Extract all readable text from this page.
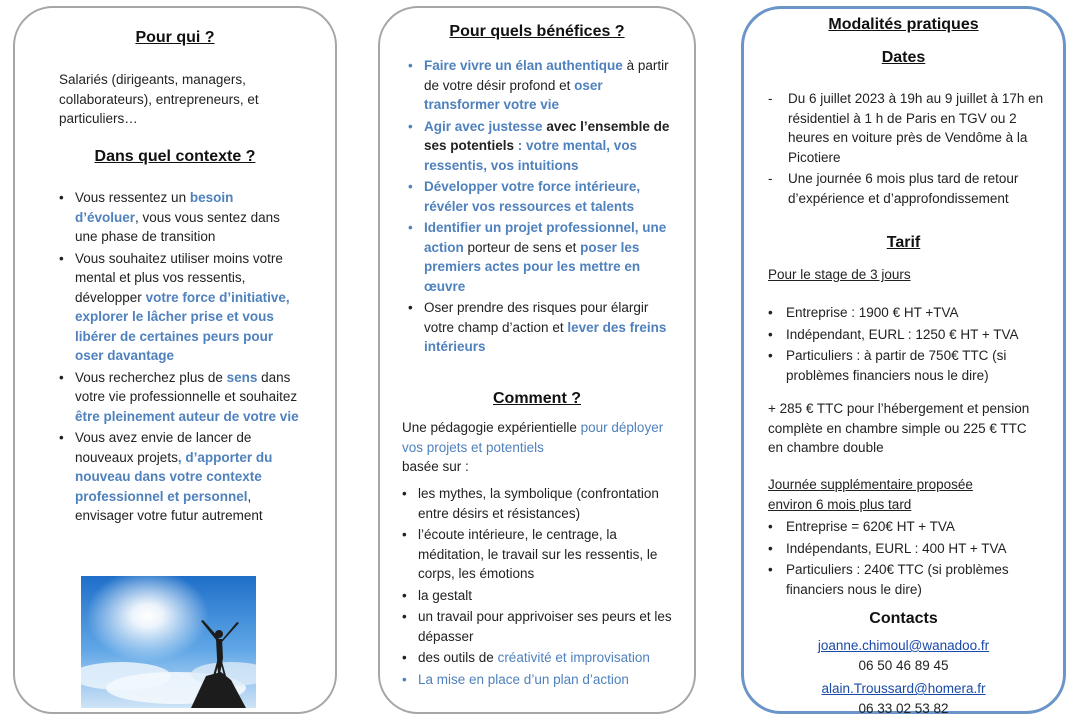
Pour qui ?
Salariés (dirigeants, managers, collaborateurs), entrepreneurs, et particuliers…
Dans quel contexte ?
• Vous ressentez un besoin d’évoluer, vous vous sentez dans une phase de transition
• Vous souhaitez utiliser moins votre mental et plus vos ressentis, développer votre force d’initiative, explorer le lâcher prise et vous libérer de certaines peurs pour oser davantage
• Vous recherchez plus de sens dans votre vie professionnelle et souhaitez être pleinement auteur de votre vie
• Vous avez envie de lancer de nouveaux projets, d’apporter du nouveau dans votre contexte professionnel et personnel, envisager votre futur autrement
Pour quels bénéfices ?
• Faire vivre un élan authentique à partir de votre désir profond et oser transformer votre vie
• Agir avec justesse avec l’ensemble de ses potentiels : votre mental, vos ressentis, vos intuitions
• Développer votre force intérieure, révéler vos ressources et talents
• Identifier un projet professionnel, une action porteur de sens et poser les premiers actes pour les mettre en œuvre
• Oser prendre des risques pour élargir votre champ d’action et lever des freins intérieurs
Comment ?
Une pédagogie expérientielle pour déployer vos projets et potentiels
basée sur :
• les mythes, la symbolique (confrontation entre désirs et résistances)
• l’écoute intérieure, le centrage, la méditation, le travail sur les ressentis, le corps, les émotions
• la gestalt
• un travail pour apprivoiser ses peurs et les dépasser
• des outils de créativité et improvisation
• La mise en place d’un plan d’action
Modalités pratiques
Dates
- Du 6 juillet 2023 à 19h au 9 juillet à 17h en résidentiel à 1 h de Paris en TGV ou 2 heures en voiture près de Vendôme à la Picotiere
- Une journée 6 mois plus tard de retour d’expérience et d’approfondissement
Tarif
Pour le stage de 3 jours
• Entreprise : 1900 € HT +TVA
• Indépendant, EURL : 1250 € HT + TVA
• Particuliers : à partir de 750€ TTC (si problèmes financiers nous le dire)
+ 285 € TTC pour l’hébergement et pension complète en chambre simple ou 225 € TTC en chambre double
Journée supplémentaire proposée environ 6 mois plus tard
• Entreprise = 620€ HT + TVA
• Indépendants, EURL : 400 HT + TVA
• Particuliers : 240€ TTC (si problèmes financiers nous le dire)
Contacts
joanne.chimoul@wanadoo.fr
06 50 46 89 45
alain.Troussard@homera.fr
06 33 02 53 82
